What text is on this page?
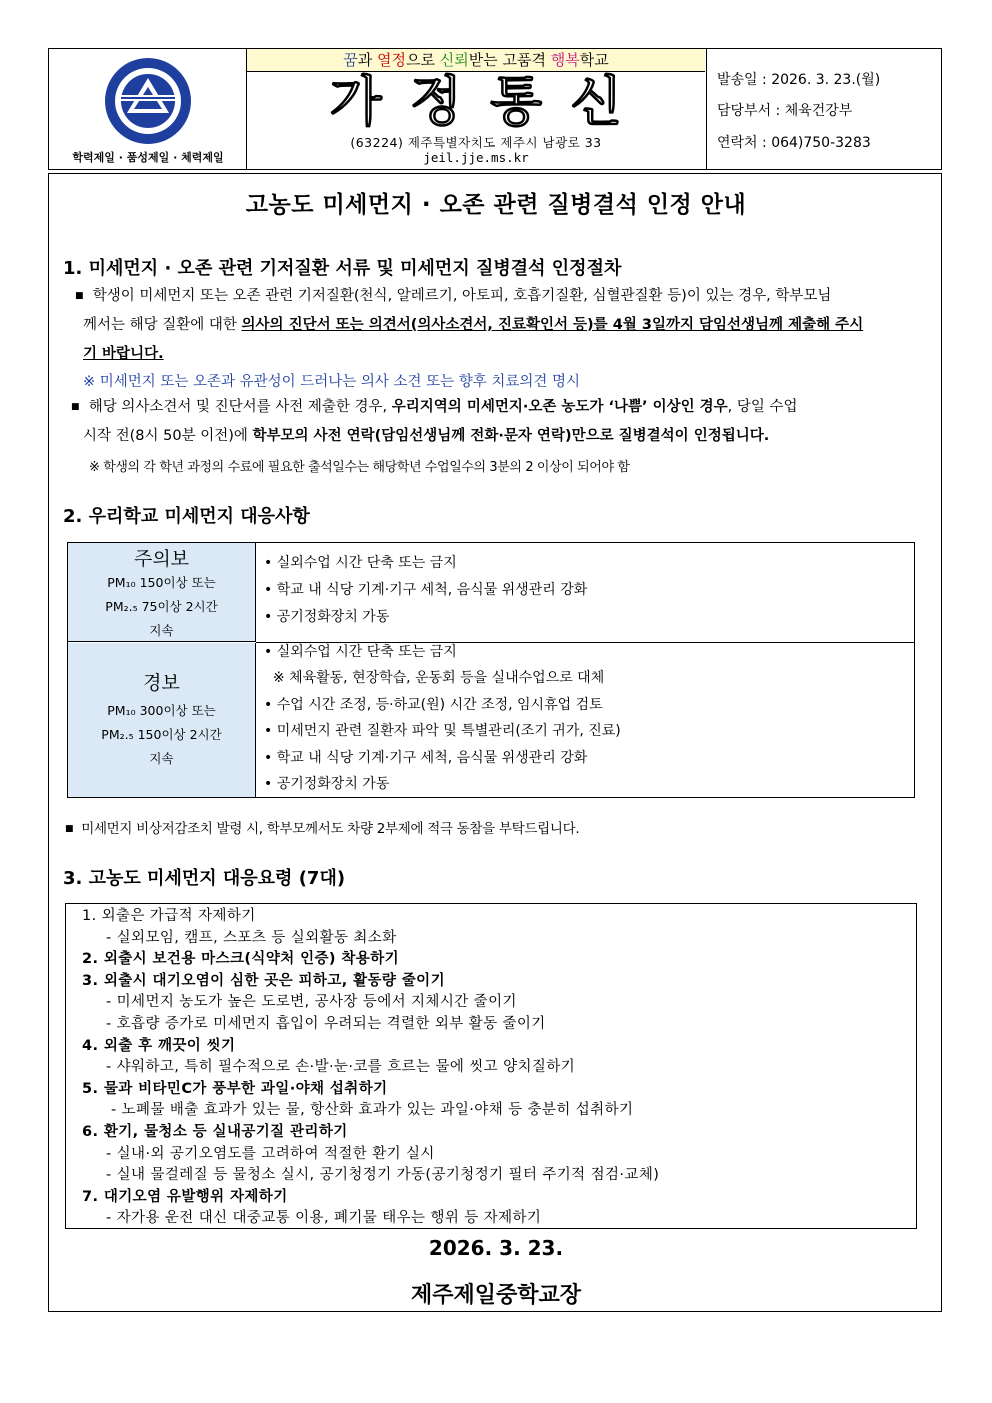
학력제일 · 품성제일 · 체력제일
꿈과 열정으로 신뢰받는 고품격 행복학교
가정통신
(63224) 제주특별자치도 제주시 남광로 33
jeil.jje.ms.kr
발송일 : 2026. 3. 23.(월)
담당부서 : 체육건강부
연락처 : 064)750-3283
고농도 미세먼지 · 오존 관련 질병결석 인정 안내
1. 미세먼지 · 오존 관련 기저질환 서류 및 미세먼지 질병결석 인정절차
■ 학생이 미세먼지 또는 오존 관련 기저질환(천식, 알레르기, 아토피, 호흡기질환, 심혈관질환 등)이 있는 경우, 학부모님
께서는 해당 질환에 대한 의사의 진단서 또는 의견서(의사소견서, 진료확인서 등)를 4월 3일까지 담임선생님께 제출해 주시
기 바랍니다.
※ 미세먼지 또는 오존과 유관성이 드러나는 의사 소견 또는 향후 치료의견 명시
■ 해당 의사소견서 및 진단서를 사전 제출한 경우, 우리지역의 미세먼지·오존 농도가 ‘나쁨’ 이상인 경우, 당일 수업
시작 전(8시 50분 이전)에 학부모의 사전 연락(담임선생님께 전화·문자 연락)만으로 질병결석이 인정됩니다.
※ 학생의 각 학년 과정의 수료에 필요한 출석일수는 해당학년 수업일수의 3분의 2 이상이 되어야 함
2. 우리학교 미세먼지 대응사항
주의보
PM₁₀ 150이상 또는
PM₂.₅ 75이상 2시간
지속
• 실외수업 시간 단축 또는 금지
• 학교 내 식당 기계·기구 세척, 음식물 위생관리 강화
• 공기정화장치 가동
경보
PM₁₀ 300이상 또는
PM₂.₅ 150이상 2시간
지속
• 실외수업 시간 단축 또는 금지
※ 체육활동, 현장학습, 운동회 등을 실내수업으로 대체
• 수업 시간 조정, 등·하교(원) 시간 조정, 임시휴업 검토
• 미세먼지 관련 질환자 파악 및 특별관리(조기 귀가, 진료)
• 학교 내 식당 기계·기구 세척, 음식물 위생관리 강화
• 공기정화장치 가동
■ 미세먼지 비상저감조치 발령 시, 학부모께서도 차량 2부제에 적극 동참을 부탁드립니다.
3. 고농도 미세먼지 대응요령 (7대)
1. 외출은 가급적 자제하기
- 실외모임, 캠프, 스포츠 등 실외활동 최소화
2. 외출시 보건용 마스크(식약처 인증) 착용하기
3. 외출시 대기오염이 심한 곳은 피하고, 활동량 줄이기
- 미세먼지 농도가 높은 도로변, 공사장 등에서 지체시간 줄이기
- 호흡량 증가로 미세먼지 흡입이 우려되는 격렬한 외부 활동 줄이기
4. 외출 후 깨끗이 씻기
- 샤워하고, 특히 필수적으로 손·발·눈·코를 흐르는 물에 씻고 양치질하기
5. 물과 비타민C가 풍부한 과일·야채 섭취하기
- 노폐물 배출 효과가 있는 물, 항산화 효과가 있는 과일·야채 등 충분히 섭취하기
6. 환기, 물청소 등 실내공기질 관리하기
- 실내·외 공기오염도를 고려하여 적절한 환기 실시
- 실내 물걸레질 등 물청소 실시, 공기청정기 가동(공기청정기 필터 주기적 점검·교체)
7. 대기오염 유발행위 자제하기
- 자가용 운전 대신 대중교통 이용, 폐기물 태우는 행위 등 자제하기
2026. 3. 23.
제주제일중학교장
